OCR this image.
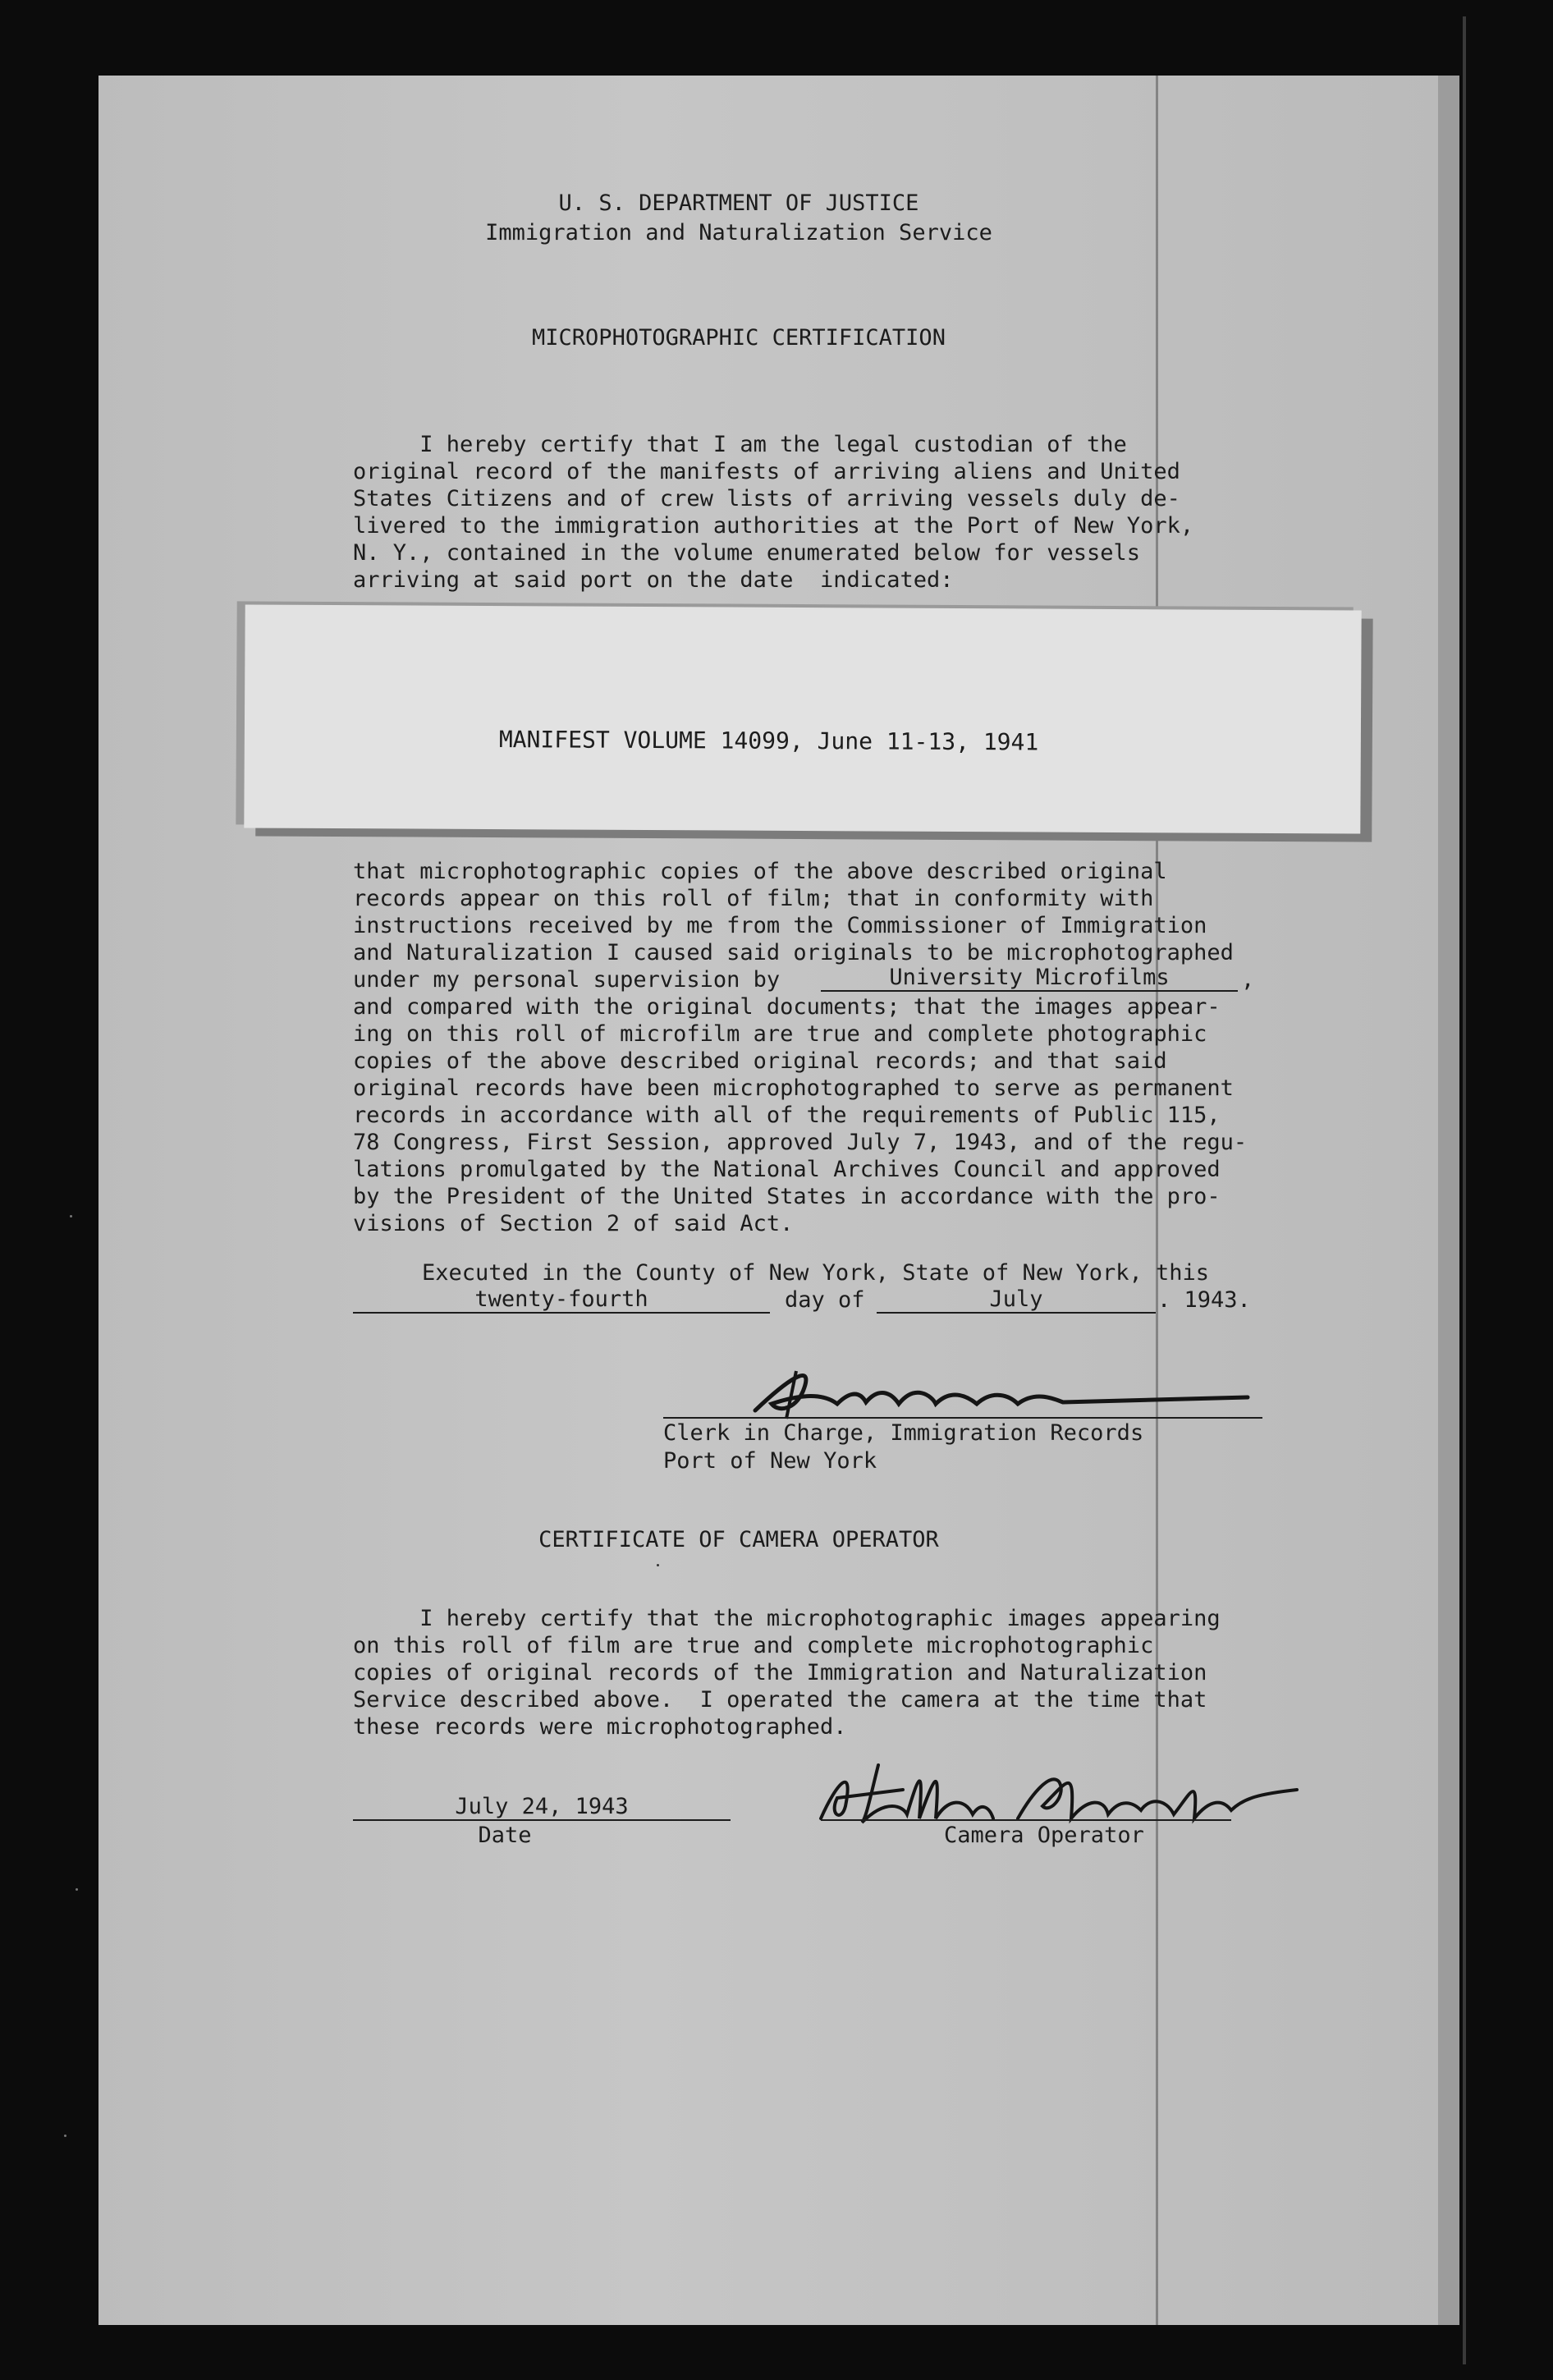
U. S. DEPARTMENT OF JUSTICE
Immigration and Naturalization Service
MICROPHOTOGRAPHIC CERTIFICATION
I hereby certify that I am the legal custodian of the
original record of the manifests of arriving aliens and United
States Citizens and of crew lists of arriving vessels duly de-
livered to the immigration authorities at the Port of New York,
N. Y., contained in the volume enumerated below for vessels
arriving at said port on the date  indicated:
MANIFEST VOLUME 14099, June 11-13, 1941
that microphotographic copies of the above described original
records appear on this roll of film; that in conformity with
instructions received by me from the Commissioner of Immigration
and Naturalization I caused said originals to be microphotographed
under my personal supervision by	University Microfilms	,
and compared with the original documents; that the images appear-
ing on this roll of microfilm are true and complete photographic
copies of the above described original records; and that said
original records have been microphotographed to serve as permanent
records in accordance with all of the requirements of Public 115,
78 Congress, First Session, approved July 7, 1943, and of the regu-
lations promulgated by the National Archives Council and approved
by the President of the United States in accordance with the pro-
visions of Section 2 of said Act.
Executed in the County of New York, State of New York, this
twenty-fourth	day of	July	. 1943.
Clerk in Charge, Immigration Records
Port of New York
CERTIFICATE OF CAMERA OPERATOR
I hereby certify that the microphotographic images appearing
on this roll of film are true and complete microphotographic
copies of original records of the Immigration and Naturalization
Service described above.  I operated the camera at the time that
these records were microphotographed.
July 24, 1943
Date	Camera Operator
